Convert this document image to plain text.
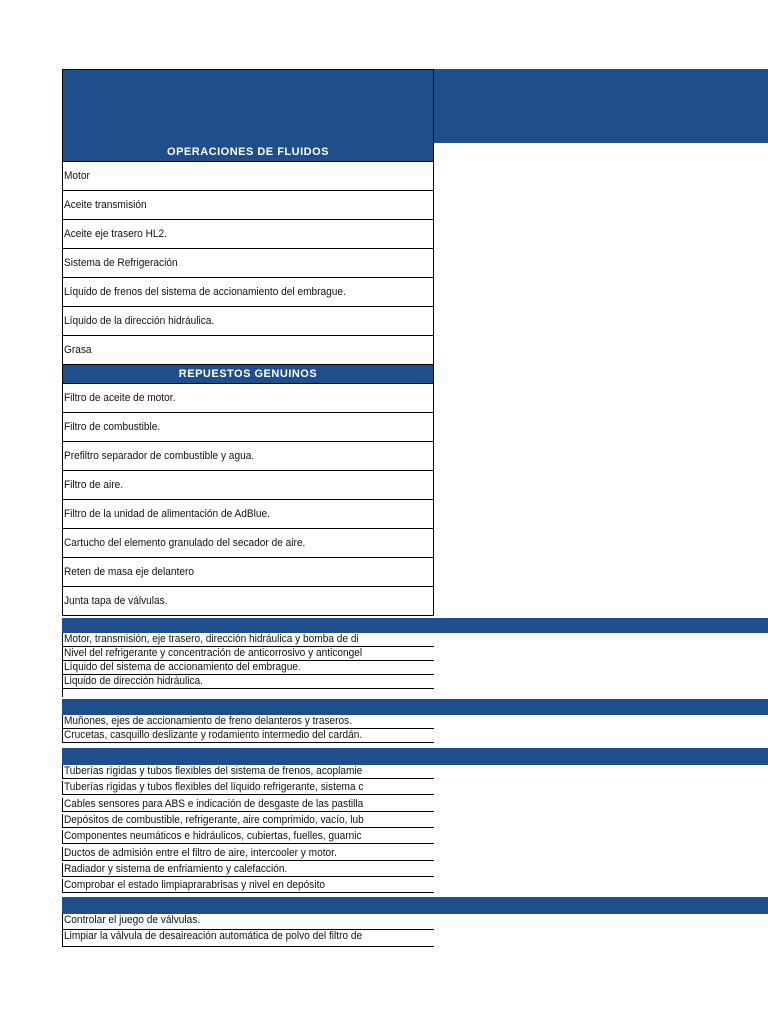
OPERACIONES DE FLUIDOS
Motor
Aceite transmisión
Aceite eje trasero HL2.
Sistema de Refrigeración
Líquido de frenos del sistema de accionamiento del embrague.
Líquido de la dirección hidráulica.
Grasa
REPUESTOS GENUINOS
Filtro de aceite de motor.
Filtro de combustible.
Prefiltro separador de combustible y agua.
Filtro de aire.
Filtro de la unidad de alimentación de AdBlue.
Cartucho del elemento granulado del secador de aire.
Reten de masa eje delantero
Junta tapa de válvulas.
Motor, transmisión, eje trasero, dirección hidráulica y bomba de di
Nivel del refrigerante y concentración de anticorrosivo y anticongel
Líquido del sistema de accionamiento del embrague.
Liquido de dirección hidráulica.
Muñones, ejes de accionamiento de freno delanteros y traseros.
Crucetas, casquillo deslizante y rodamiento intermedio del cardán.
Tuberías rígidas y tubos flexibles del sistema de frenos, acoplamie
Tuberías rígidas y tubos flexibles del líquido refrigerante, sistema c
Cables sensores para ABS e indicación de desgaste de las pastilla
Depósitos de combustible, refrigerante, aire comprimido, vacío, lub
Componentes neumáticos e hidráulicos, cubiertas, fuelles, guarnic
Ductos de admisión entre el filtro de aire, intercooler y motor.
Radiador y sistema de enfriamiento y calefacción.
Comprobar el estado limpiaprarabrisas y nivel en depósito
Controlar el juego de válvulas.
Limpiar la válvula de desaireación automática de polvo del filtro de
